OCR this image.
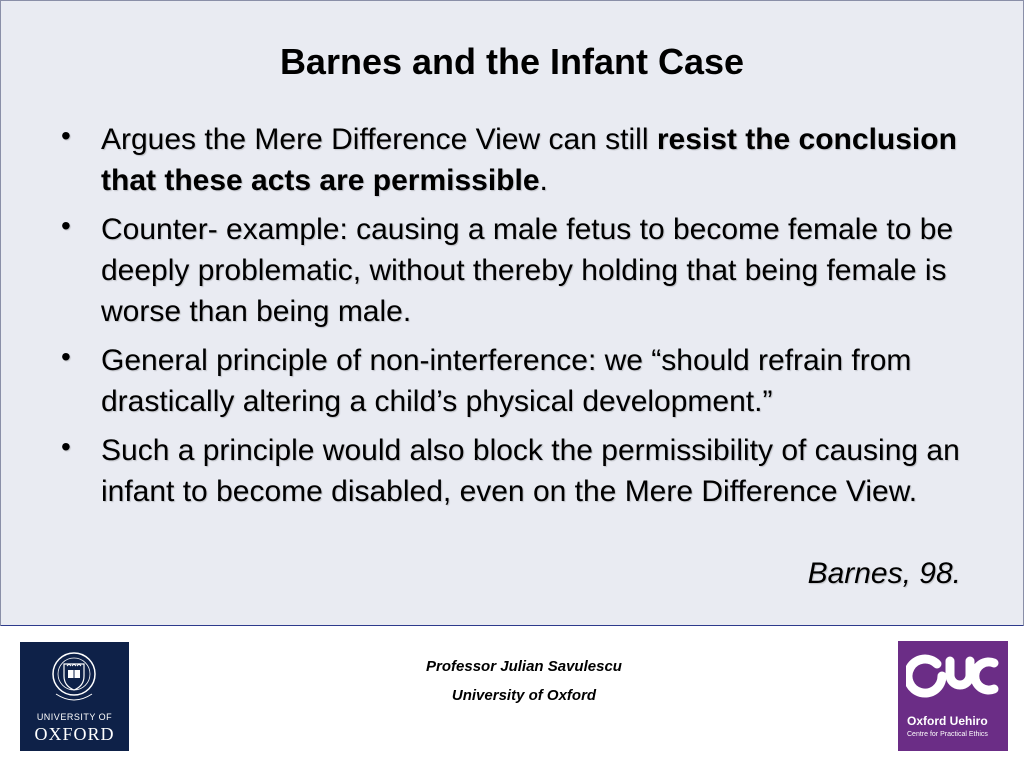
Barnes and the Infant Case
• Argues the Mere Difference View can still resist the conclusion that these acts are permissible.
• Counter- example: causing a male fetus to become female to be deeply problematic, without thereby holding that being female is worse than being male.
• General principle of non-interference: we “should refrain from drastically altering a child’s physical development.”
• Such a principle would also block the permissibility of causing an infant to become disabled, even on the Mere Difference View.
Barnes, 98.
UNIVERSITY OF
OXFORD
Professor Julian Savulescu
University of Oxford
Oxford Uehiro
Centre for Practical Ethics
